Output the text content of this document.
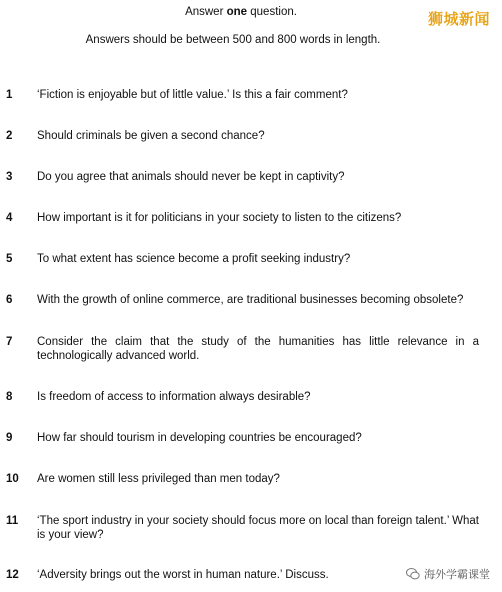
Answer one question.
Answers should be between 500 and 800 words in length.
狮城新闻
1 ‘Fiction is enjoyable but of little value.’ Is this a fair comment?
2 Should criminals be given a second chance?
3 Do you agree that animals should never be kept in captivity?
4 How important is it for politicians in your society to listen to the citizens?
5 To what extent has science become a profit seeking industry?
6 With the growth of online commerce, are traditional businesses becoming obsolete?
7 Consider the claim that the study of the humanities has little relevance in a technologically advanced world.
8 Is freedom of access to information always desirable?
9 How far should tourism in developing countries be encouraged?
10 Are women still less privileged than men today?
11 ‘The sport industry in your society should focus more on local than foreign talent.’ What is your view?
12 ‘Adversity brings out the worst in human nature.’ Discuss.	海外学霸课堂
